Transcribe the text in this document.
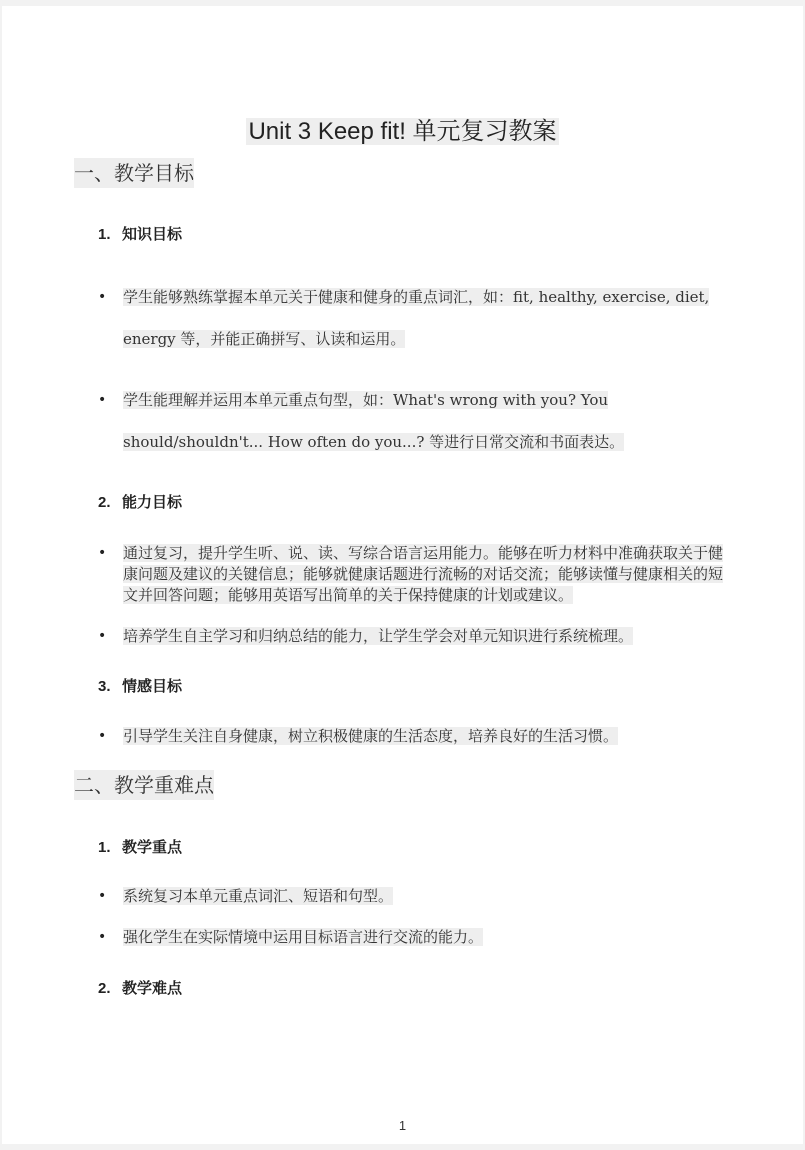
Unit 3 Keep fit! 单元复习教案
一、教学目标
1. 知识目标
•	学生能够熟练掌握本单元关于健康和健身的重点词汇，如：fit, healthy, exercise, diet, energy 等，并能正确拼写、认读和运用。
•	学生能理解并运用本单元重点句型，如：What's wrong with you? You should/shouldn't... How often do you...? 等进行日常交流和书面表达。
2. 能力目标
•	通过复习，提升学生听、说、读、写综合语言运用能力。能够在听力材料中准确获取关于健康问题及建议的关键信息；能够就健康话题进行流畅的对话交流；能够读懂与健康相关的短文并回答问题；能够用英语写出简单的关于保持健康的计划或建议。
•	培养学生自主学习和归纳总结的能力，让学生学会对单元知识进行系统梳理。
3. 情感目标
•	引导学生关注自身健康，树立积极健康的生活态度，培养良好的生活习惯。
二、教学重难点
1. 教学重点
•	系统复习本单元重点词汇、短语和句型。
•	强化学生在实际情境中运用目标语言进行交流的能力。
2. 教学难点
1
